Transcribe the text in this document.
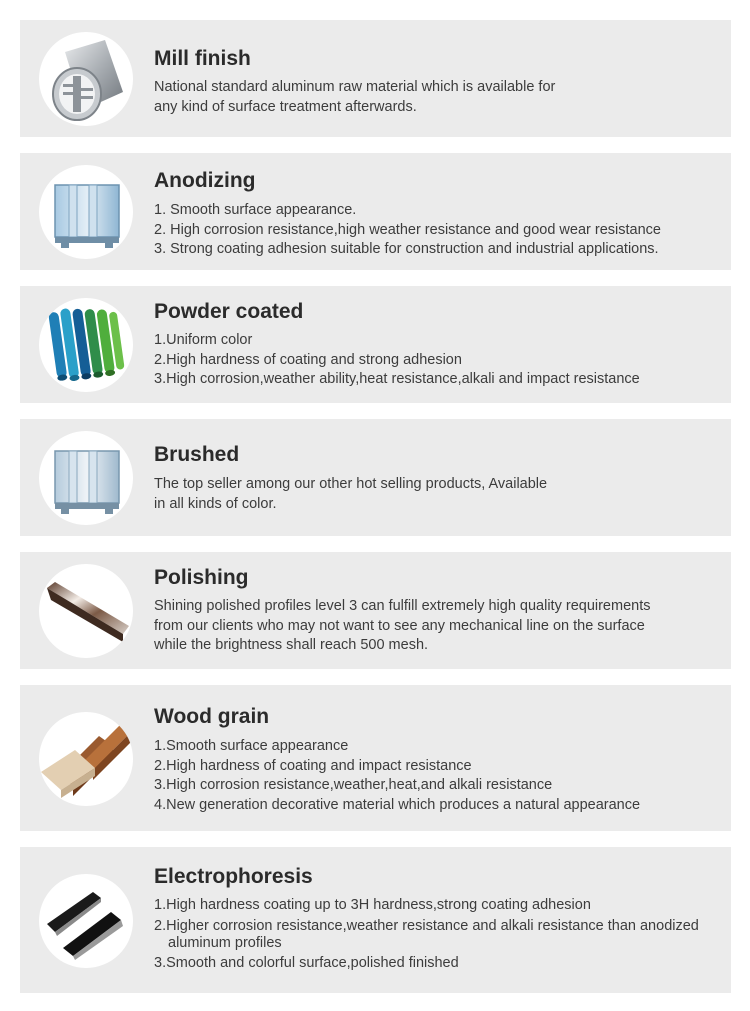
Mill finish
National standard aluminum raw material which is available for
any kind of surface treatment afterwards.
Anodizing
1. Smooth surface appearance.
2. High corrosion resistance,high weather resistance and good wear resistance
3. Strong coating adhesion suitable for construction and industrial applications.
Powder coated
1.Uniform color
2.High hardness of coating and strong adhesion
3.High corrosion,weather ability,heat resistance,alkali and impact resistance
Brushed
The top seller among our other hot selling products, Available
in all kinds of color.
Polishing
Shining polished profiles level 3 can fulfill extremely high quality requirements
from our clients who may not want to see any mechanical line on the surface
while the brightness shall reach 500 mesh.
Wood grain
1.Smooth surface appearance
2.High hardness of coating and impact resistance
3.High corrosion resistance,weather,heat,and alkali resistance
4.New generation decorative material which produces a natural appearance
Electrophoresis
1.High hardness coating up to 3H hardness,strong coating adhesion
2.Higher corrosion resistance,weather resistance and alkali resistance than anodized aluminum profiles
3.Smooth and colorful surface,polished finished
